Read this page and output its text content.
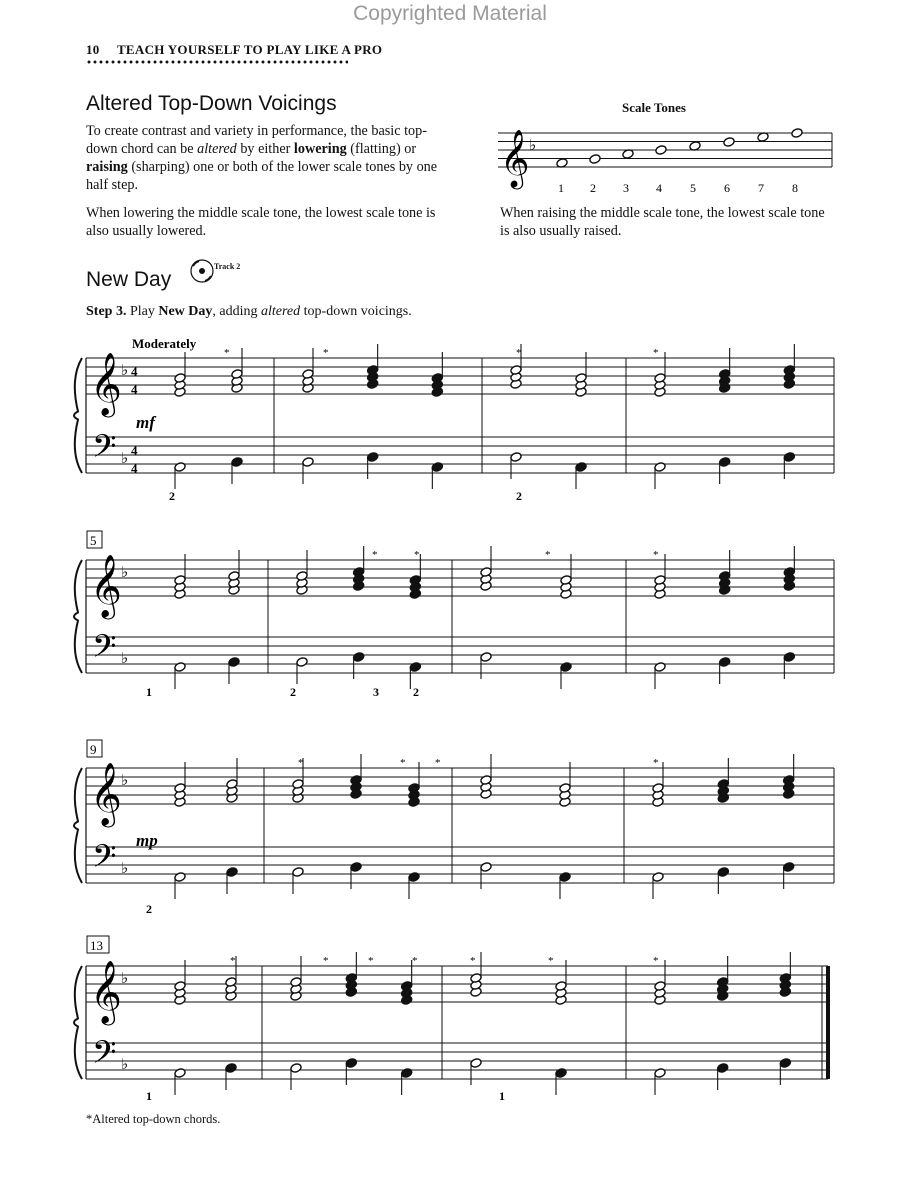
Copyrighted Material
10 TEACH YOURSELF TO PLAY LIKE A PRO
Altered Top-Down Voicings
To create contrast and variety in performance, the basic top-down chord can be altered by either lowering (flatting) or raising (sharping) one or both of the lower scale tones by one half step.
When lowering the middle scale tone, the lowest scale tone is also usually lowered.
When raising the middle scale tone, the lowest scale tone is also usually raised.
Scale Tones
New Day
Track 2
Step 3. Play New Day, adding altered top-down voicings.
*Altered top-down chords.
𝄞 ♭
1 2 3 4 5 6 7 8
Moderately
mf
mp
5
9
13
*	*	*	*
*	*	*	*
*	*	*	*
*	*	*	*	*	*	*
2	2
1	2	3	2
2
1	1
𝄞
𝄢
♭
♭
4
4
4
4
𝄞
𝄢
♭
♭
𝄞
𝄢
♭
♭
𝄞
𝄢
♭
♭
